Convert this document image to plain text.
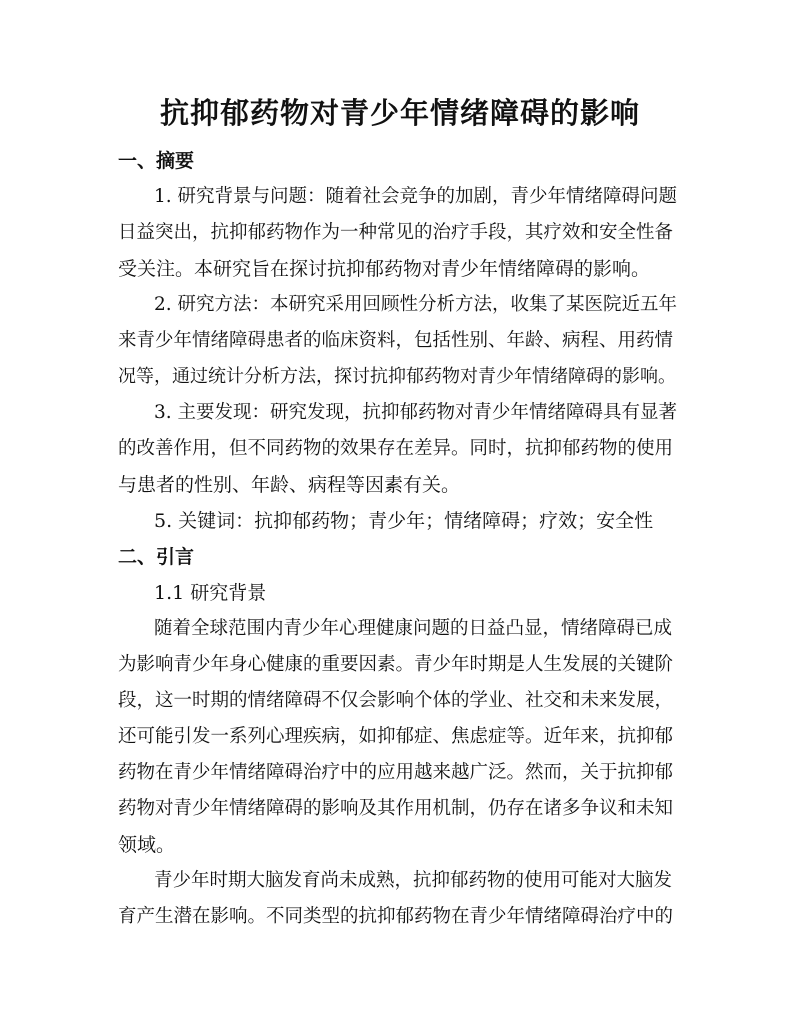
抗抑郁药物对青少年情绪障碍的影响

一、摘要

1. 研究背景与问题：随着社会竞争的加剧，青少年情绪障碍问题

日益突出，抗抑郁药物作为一种常见的治疗手段，其疗效和安全性备

受关注。本研究旨在探讨抗抑郁药物对青少年情绪障碍的影响。

2. 研究方法：本研究采用回顾性分析方法，收集了某医院近五年

来青少年情绪障碍患者的临床资料，包括性别、年龄、病程、用药情

况等，通过统计分析方法，探讨抗抑郁药物对青少年情绪障碍的影响。

3. 主要发现：研究发现，抗抑郁药物对青少年情绪障碍具有显著

的改善作用，但不同药物的效果存在差异。同时，抗抑郁药物的使用

与患者的性别、年龄、病程等因素有关。

5. 关键词：抗抑郁药物；青少年；情绪障碍；疗效；安全性

二、引言

1.1 研究背景

随着全球范围内青少年心理健康问题的日益凸显，情绪障碍已成

为影响青少年身心健康的重要因素。青少年时期是人生发展的关键阶

段，这一时期的情绪障碍不仅会影响个体的学业、社交和未来发展，

还可能引发一系列心理疾病，如抑郁症、焦虑症等。近年来，抗抑郁

药物在青少年情绪障碍治疗中的应用越来越广泛。然而，关于抗抑郁

药物对青少年情绪障碍的影响及其作用机制，仍存在诸多争议和未知

领域。

青少年时期大脑发育尚未成熟，抗抑郁药物的使用可能对大脑发

育产生潜在影响。不同类型的抗抑郁药物在青少年情绪障碍治疗中的
